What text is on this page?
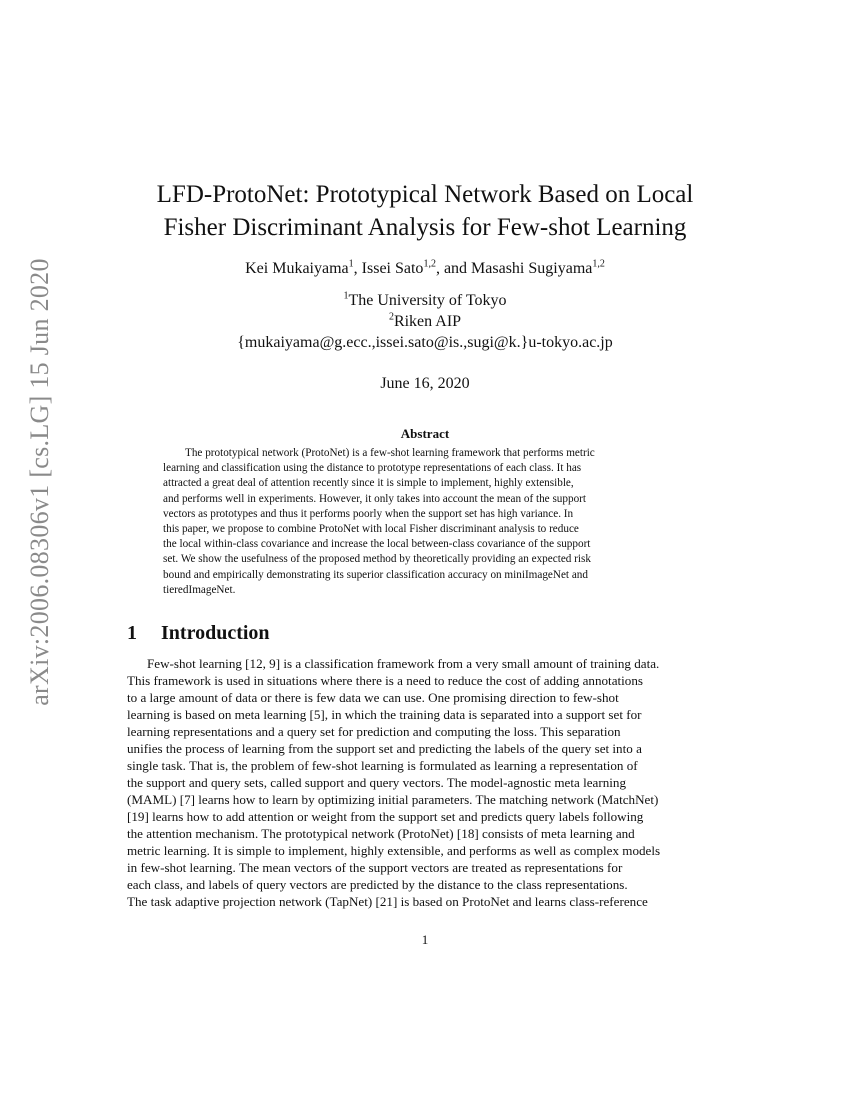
arXiv:2006.08306v1 [cs.LG] 15 Jun 2020
LFD-ProtoNet: Prototypical Network Based on Local
Fisher Discriminant Analysis for Few-shot Learning
Kei Mukaiyama$^1$, Issei Sato$^{1,2}$, and Masashi Sugiyama$^{1,2}$
$^1$The University of Tokyo
$^2$Riken AIP
{mukaiyama@g.ecc.,issei.sato@is.,sugi@k.}u-tokyo.ac.jp
June 16, 2020
Abstract
The prototypical network (ProtoNet) is a few-shot learning framework that performs metric
learning and classification using the distance to prototype representations of each class. It has
attracted a great deal of attention recently since it is simple to implement, highly extensible,
and performs well in experiments. However, it only takes into account the mean of the support
vectors as prototypes and thus it performs poorly when the support set has high variance. In
this paper, we propose to combine ProtoNet with local Fisher discriminant analysis to reduce
the local within-class covariance and increase the local between-class covariance of the support
set. We show the usefulness of the proposed method by theoretically providing an expected risk
bound and empirically demonstrating its superior classification accuracy on miniImageNet and
tieredImageNet.
1 Introduction
Few-shot learning [12, 9] is a classification framework from a very small amount of training data.
This framework is used in situations where there is a need to reduce the cost of adding annotations
to a large amount of data or there is few data we can use. One promising direction to few-shot
learning is based on meta learning [5], in which the training data is separated into a support set for
learning representations and a query set for prediction and computing the loss. This separation
unifies the process of learning from the support set and predicting the labels of the query set into a
single task. That is, the problem of few-shot learning is formulated as learning a representation of
the support and query sets, called support and query vectors. The model-agnostic meta learning
(MAML) [7] learns how to learn by optimizing initial parameters. The matching network (MatchNet)
[19] learns how to add attention or weight from the support set and predicts query labels following
the attention mechanism. The prototypical network (ProtoNet) [18] consists of meta learning and
metric learning. It is simple to implement, highly extensible, and performs as well as complex models
in few-shot learning. The mean vectors of the support vectors are treated as representations for
each class, and labels of query vectors are predicted by the distance to the class representations.
The task adaptive projection network (TapNet) [21] is based on ProtoNet and learns class-reference
1
